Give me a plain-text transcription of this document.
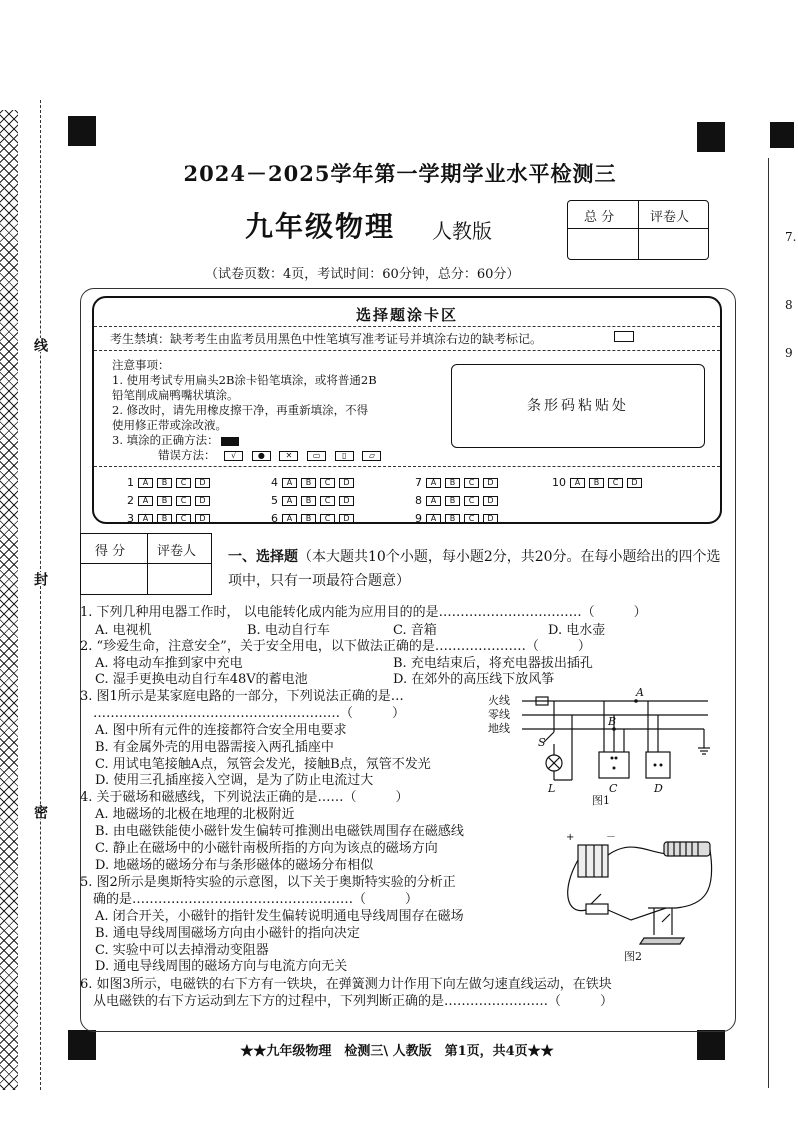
线
封
密
2024－2025学年第一学期学业水平检测三
九年级物理 人教版
总 分	评卷人
（试卷页数：4页，考试时间：60分钟，总分：60分）
选择题涂卡区
考生禁填：缺考考生由监考员用黑色中性笔填写准考证号并填涂右边的缺考标记。
注意事项：
1. 使用考试专用扁头2B涂卡铅笔填涂，或将普通2B
铅笔削成扁鸭嘴状填涂。
2. 修改时，请先用橡皮擦干净，再重新填涂，不得
使用修正带或涂改液。
3. 填涂的正确方法：
错误方法： √	●	✕	▭	▯	▱
条形码粘贴处
1	A	B	C	D	4	A	B	C	D	7	A	B	C	D	10	A	B	C	D
2	A	B	C	D	5	A	B	C	D	8	A	B	C	D
3	A	B	C	D	6	A	B	C	D	9	A	B	C	D
得 分 评卷人 一、选择题（本大题共10个小题，每小题2分，共20分。在每小题给出的四个选项中，只有一项最符合题意）
1. 下列几种用电器工作时， 以电能转化成内能为应用目的的是……………………………（　　　）
A. 电视机	B. 电动自行车	C. 音箱	D. 电水壶
2. “珍爱生命，注意安全”，关于安全用电，以下做法正确的是…………………（　　　）
A. 将电动车推到家中充电	B. 充电结束后，将充电器拔出插孔
C. 湿手更换电动自行车48V的蓄电池	D. 在郊外的高压线下放风筝
3. 图1所示是某家庭电路的一部分，下列说法正确的是…
…………………………………………………（　　　）
A. 图中所有元件的连接都符合安全用电要求
B. 有金属外壳的用电器需接入两孔插座中
C. 用试电笔接触A点，氖管会发光，接触B点，氖管不发光
D. 使用三孔插座接入空调，是为了防止电流过大
4. 关于磁场和磁感线，下列说法正确的是……（　　　）
A. 地磁场的北极在地理的北极附近
B. 由电磁铁能使小磁针发生偏转可推测出电磁铁周围存在磁感线
C. 静止在磁场中的小磁针南极所指的方向为该点的磁场方向
D. 地磁场的磁场分布与条形磁体的磁场分布相似
5. 图2所示是奥斯特实验的示意图，以下关于奥斯特实验的分析正
确的是……………………………………………（　　　）
A. 闭合开关，小磁针的指针发生偏转说明通电导线周围存在磁场
B. 通电导线周围磁场方向由小磁针的指向决定
C. 实验中可以去掉滑动变阻器
D. 通电导线周围的磁场方向与电流方向无关
6. 如图3所示，电磁铁的右下方有一铁块，在弹簧测力计作用下向左做匀速直线运动，在铁块
从电磁铁的右下方运动到左下方的过程中，下列判断正确的是……………………（　　　）
火线
零线
地线
A
B
S
L	C	D
图1
+	－
图2
★★九年级物理　检测三\ 人教版　第1页，共4页★★
7.
8
9
